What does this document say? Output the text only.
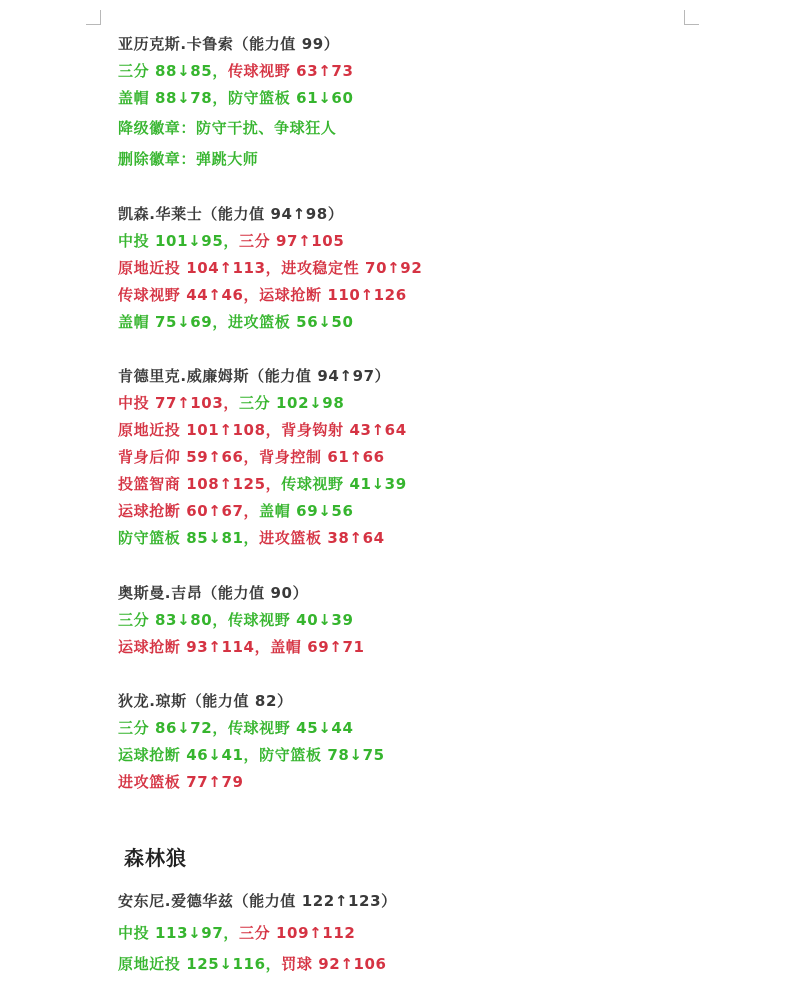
亚历克斯.卡鲁索（能力值 99）
三分 88↓85，传球视野 63↑73
盖帽 88↓78，防守篮板 61↓60
降级徽章：防守干扰、争球狂人
删除徽章：弹跳大师
凯森.华莱士（能力值 94↑98）
中投 101↓95，三分 97↑105
原地近投 104↑113，进攻稳定性 70↑92
传球视野 44↑46，运球抢断 110↑126
盖帽 75↓69，进攻篮板 56↓50
肯德里克.威廉姆斯（能力值 94↑97）
中投 77↑103，三分 102↓98
原地近投 101↑108，背身钩射 43↑64
背身后仰 59↑66，背身控制 61↑66
投篮智商 108↑125，传球视野 41↓39
运球抢断 60↑67，盖帽 69↓56
防守篮板 85↓81，进攻篮板 38↑64
奥斯曼.吉昂（能力值 90）
三分 83↓80，传球视野 40↓39
运球抢断 93↑114，盖帽 69↑71
狄龙.琼斯（能力值 82）
三分 86↓72，传球视野 45↓44
运球抢断 46↓41，防守篮板 78↓75
进攻篮板 77↑79
森林狼
安东尼.爱德华兹（能力值 122↑123）
中投 113↓97，三分 109↑112
原地近投 125↓116，罚球 92↑106
